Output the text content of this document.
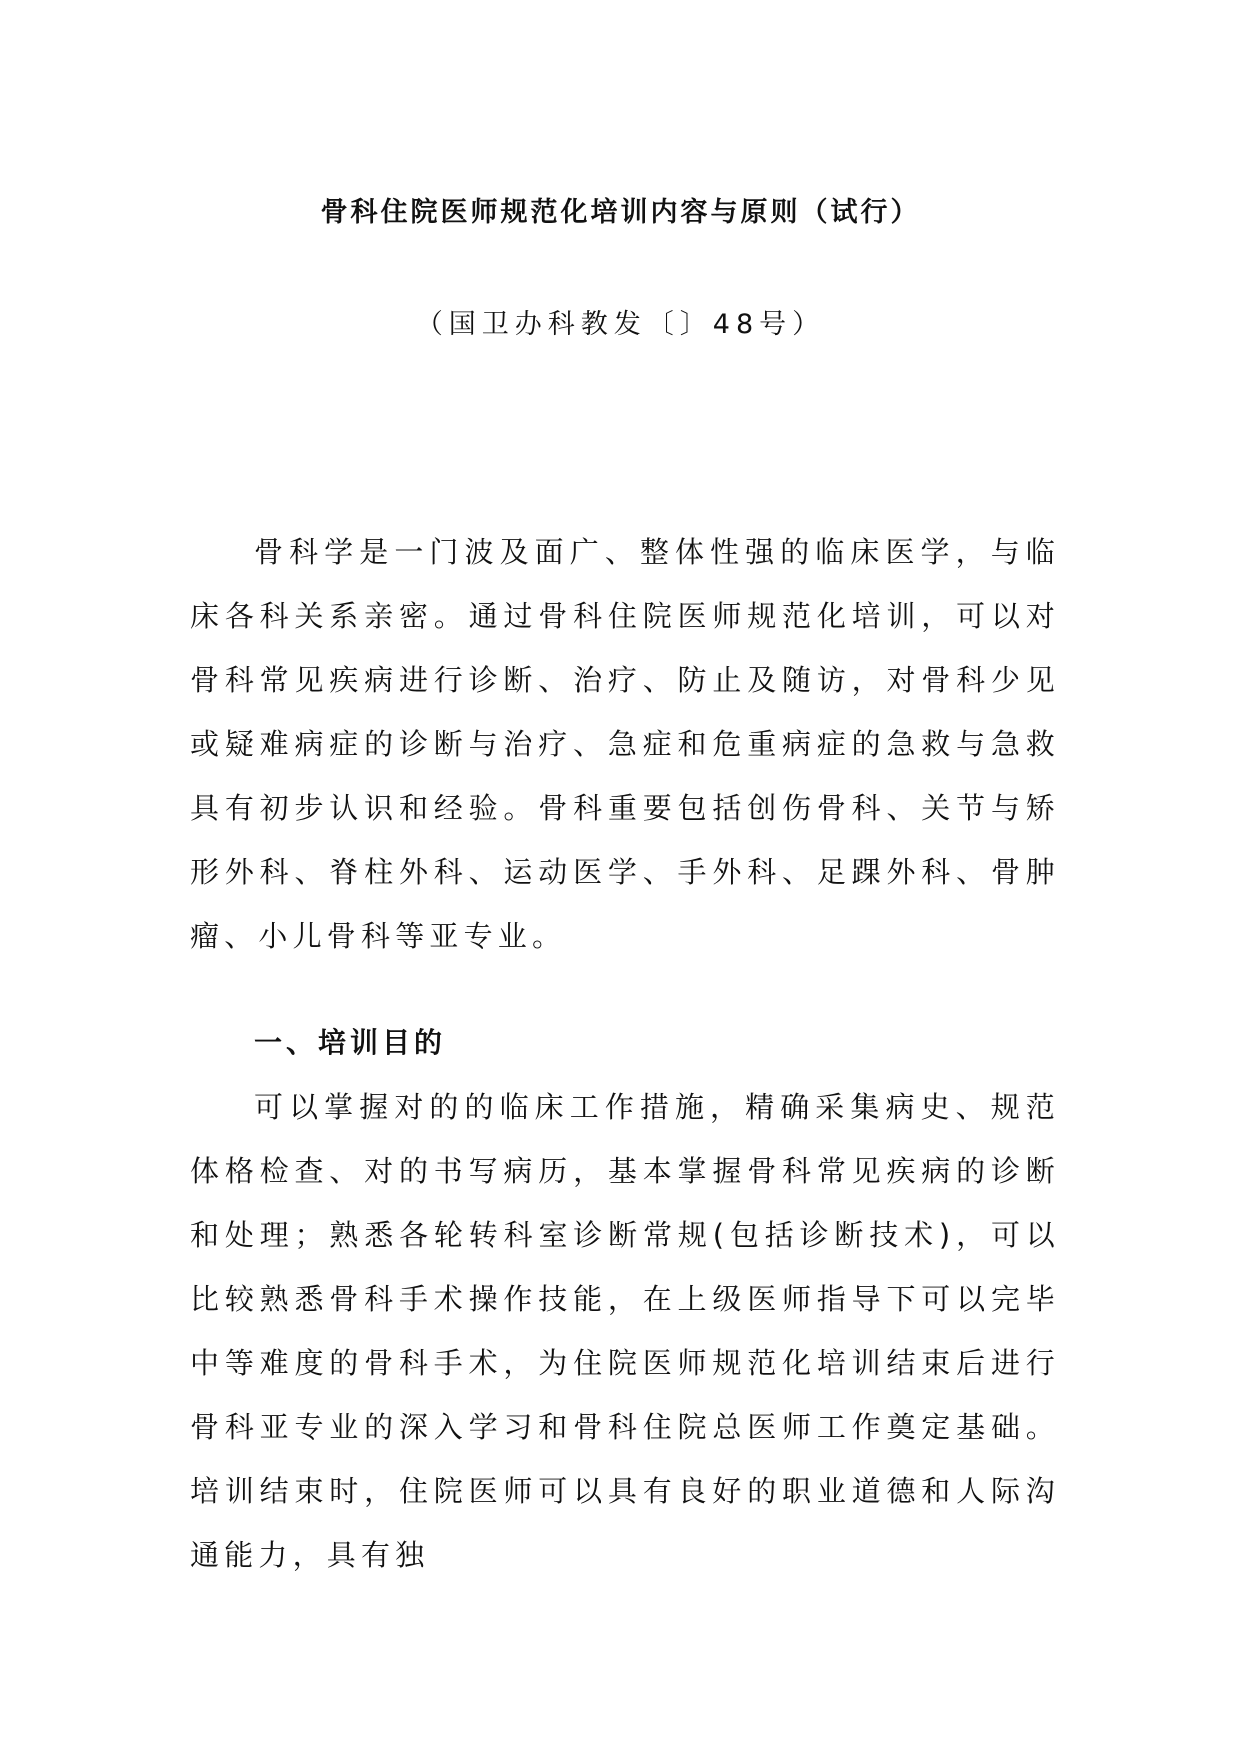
骨科住院医师规范化培训内容与原则（试行）

（国卫办科教发〔〕48号）

骨科学是一门波及面广、整体性强的临床医学，与临床各科关系亲密。通过骨科住院医师规范化培训，可以对骨科常见疾病进行诊断、治疗、防止及随访，对骨科少见或疑难病症的诊断与治疗、急症和危重病症的急救与急救具有初步认识和经验。骨科重要包括创伤骨科、关节与矫形外科、脊柱外科、运动医学、手外科、足踝外科、骨肿瘤、小儿骨科等亚专业。

一、培训目的

可以掌握对的的临床工作措施，精确采集病史、规范体格检查、对的书写病历，基本掌握骨科常见疾病的诊断和处理；熟悉各轮转科室诊断常规(包括诊断技术)，可以比较熟悉骨科手术操作技能，在上级医师指导下可以完毕中等难度的骨科手术，为住院医师规范化培训结束后进行骨科亚专业的深入学习和骨科住院总医师工作奠定基础。培训结束时，住院医师可以具有良好的职业道德和人际沟通能力，具有独
